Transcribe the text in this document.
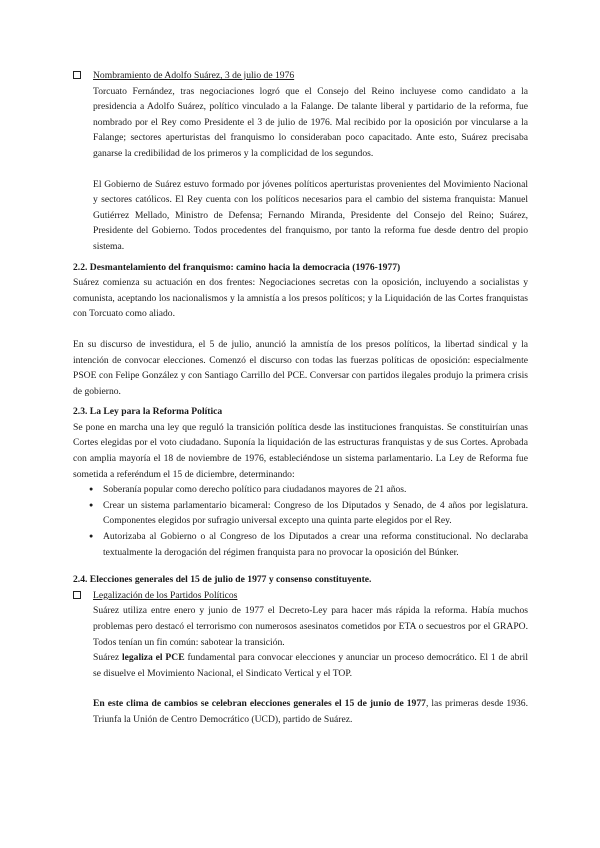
Nombramiento de Adolfo Suárez, 3 de julio de 1976

Torcuato Fernández, tras negociaciones logró que el Consejo del Reino incluyese como candidato a la presidencia a Adolfo Suárez, político vinculado a la Falange. De talante liberal y partidario de la reforma, fue nombrado por el Rey como Presidente el 3 de julio de 1976. Mal recibido por la oposición por vincularse a la Falange; sectores aperturistas del franquismo lo consideraban poco capacitado. Ante esto, Suárez precisaba ganarse la credibilidad de los primeros y la complicidad de los segundos.

El Gobierno de Suárez estuvo formado por jóvenes políticos aperturistas provenientes del Movimiento Nacional y sectores católicos. El Rey cuenta con los políticos necesarios para el cambio del sistema franquista: Manuel Gutiérrez Mellado, Ministro de Defensa; Fernando Miranda, Presidente del Consejo del Reino; Suárez, Presidente del Gobierno. Todos procedentes del franquismo, por tanto la reforma fue desde dentro del propio sistema.

2.2. Desmantelamiento del franquismo: camino hacia la democracia (1976-1977)

Suárez comienza su actuación en dos frentes: Negociaciones secretas con la oposición, incluyendo a socialistas y comunista, aceptando los nacionalismos y la amnistía a los presos políticos; y la Liquidación de las Cortes franquistas con Torcuato como aliado.

En su discurso de investidura, el 5 de julio, anunció la amnistía de los presos políticos, la libertad sindical y la intención de convocar elecciones. Comenzó el discurso con todas las fuerzas políticas de oposición: especialmente PSOE con Felipe González y con Santiago Carrillo del PCE. Conversar con partidos ilegales produjo la primera crisis de gobierno.

2.3. La Ley para la Reforma Política

Se pone en marcha una ley que reguló la transición política desde las instituciones franquistas. Se constituirían unas Cortes elegidas por el voto ciudadano. Suponía la liquidación de las estructuras franquistas y de sus Cortes. Aprobada con amplia mayoría el 18 de noviembre de 1976, estableciéndose un sistema parlamentario. La Ley de Reforma fue sometida a referéndum el 15 de diciembre, determinando:

● Soberanía popular como derecho político para ciudadanos mayores de 21 años.
● Crear un sistema parlamentario bicameral: Congreso de los Diputados y Senado, de 4 años por legislatura. Componentes elegidos por sufragio universal excepto una quinta parte elegidos por el Rey.
● Autorizaba al Gobierno o al Congreso de los Diputados a crear una reforma constitucional. No declaraba textualmente la derogación del régimen franquista para no provocar la oposición del Búnker.

2.4. Elecciones generales del 15 de julio de 1977 y consenso constituyente.

Legalización de los Partidos Políticos

Suárez utiliza entre enero y junio de 1977 el Decreto-Ley para hacer más rápida la reforma. Había muchos problemas pero destacó el terrorismo con numerosos asesinatos cometidos por ETA o secuestros por el GRAPO. Todos tenían un fin común: sabotear la transición.

Suárez legaliza el PCE fundamental para convocar elecciones y anunciar un proceso democrático. El 1 de abril se disuelve el Movimiento Nacional, el Sindicato Vertical y el TOP.

En este clima de cambios se celebran elecciones generales el 15 de junio de 1977, las primeras desde 1936. Triunfa la Unión de Centro Democrático (UCD), partido de Suárez.
